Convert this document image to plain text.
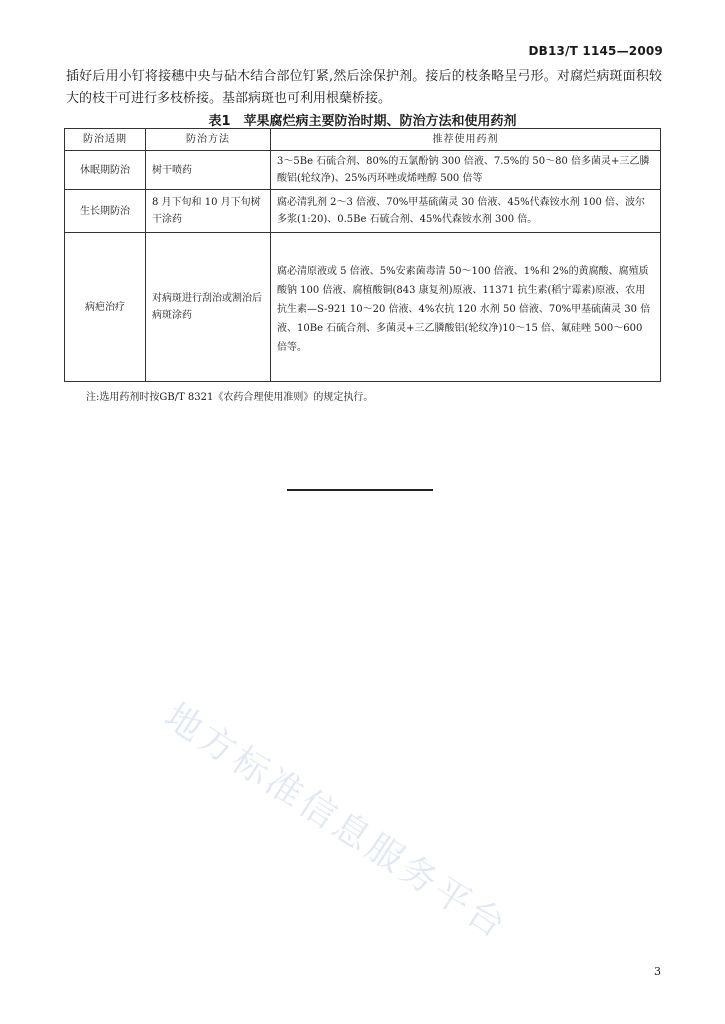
DB13/T 1145—2009

插好后用小钉将接穗中央与砧木结合部位钉紧,然后涂保护剂。接后的枝条略呈弓形。对腐烂病斑面积较大的枝干可进行多枝桥接。基部病斑也可利用根蘖桥接。

表1　苹果腐烂病主要防治时期、防治方法和使用药剂
防治适期	防治方法	推荐使用药剂
休眠期防治	树干喷药	3～5Be 石硫合剂、80%的五氯酚钠 300 倍液、7.5%的 50～80 倍多菌灵+三乙膦酸铝(轮纹净)、25%丙环唑或烯唑醇 500 倍等
生长期防治	8 月下旬和 10 月下旬树干涂药	腐必清乳剂 2～3 倍液、70%甲基硫菌灵 30 倍液、45%代森铵水剂 100 倍、波尔多浆(1:20)、0.5Be 石硫合剂、45%代森铵水剂 300 倍。
病疤治疗	对病斑进行刮治或割治后病斑涂药	腐必清原液或 5 倍液、5%安素菌毒清 50～100 倍液、1%和 2%的黄腐酸、腐殖质酸钠 100 倍液、腐植酸铜(843 康复剂)原液、11371 抗生素(稻宁霉素)原液、农用抗生素—S-921 10～20 倍液、4%农抗 120 水剂 50 倍液、70%甲基硫菌灵 30 倍液、10Be 石硫合剂、多菌灵+三乙膦酸铝(轮纹净)10～15 倍、氟硅唑 500～600 倍等。

注:选用药剂时按GB/T 8321《农药合理使用准则》的规定执行。

地方标准信息服务平台
3
